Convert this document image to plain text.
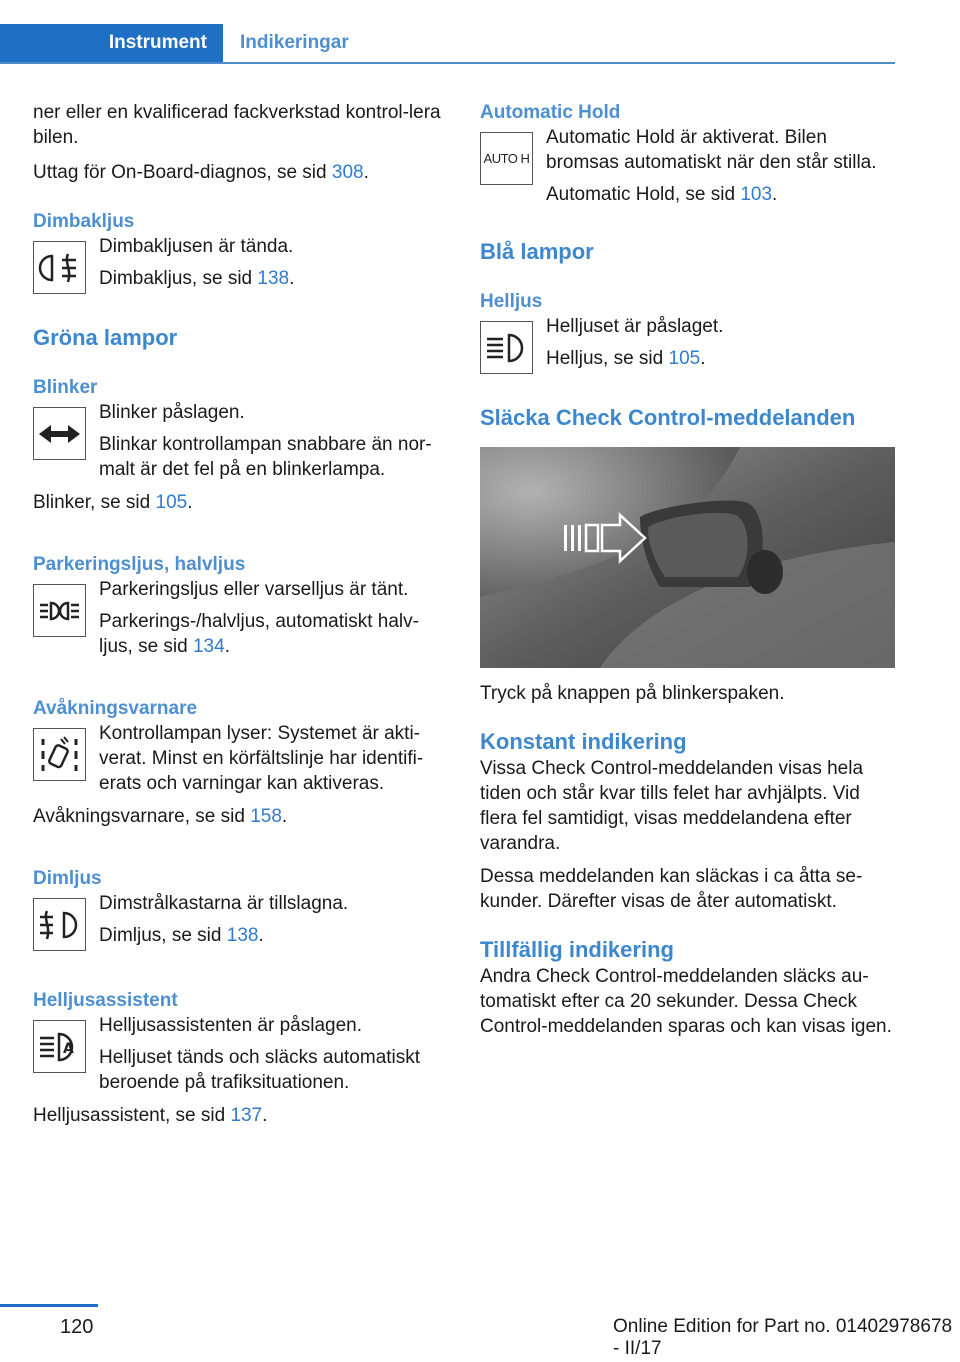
Instrument	Indikeringar

ner eller en kvalificerad fackverkstad kontrol-lera bilen.

Uttag för On-Board-diagnos, se sid 308.

Dimbakljus

Dimbakljusen är tända.

Dimbakljus, se sid 138.

Gröna lampor

Blinker

Blinker påslagen.

Blinkar kontrollampan snabbare än nor-malt är det fel på en blinkerlampa.

Blinker, se sid 105.

Parkeringsljus, halvljus

Parkeringsljus eller varselljus är tänt.

Parkerings-/halvljus, automatiskt halv-ljus, se sid 134.

Avåkningsvarnare

Kontrollampan lyser: Systemet är akti-verat. Minst en körfältslinje har identifi-erats och varningar kan aktiveras.

Avåkningsvarnare, se sid 158.

Dimljus

Dimstrålkastarna är tillslagna.

Dimljus, se sid 138.

Helljusassistent

A

Helljusassistenten är påslagen.

Helljuset tänds och släcks automatiskt beroende på trafiksituationen.

Helljusassistent, se sid 137.

Automatic Hold

AUTO H

Automatic Hold är aktiverat. Bilen bromsas automatiskt när den står stilla.

Automatic Hold, se sid 103.

Blå lampor

Helljus

Helljuset är påslaget.

Helljus, se sid 105.

Släcka Check Control-meddelanden

Tryck på knappen på blinkerspaken.

Konstant indikering

Vissa Check Control-meddelanden visas hela tiden och står kvar tills felet har avhjälpts. Vid flera fel samtidigt, visas meddelandena efter varandra.

Dessa meddelanden kan släckas i ca åtta se-kunder. Därefter visas de åter automatiskt.

Tillfällig indikering

Andra Check Control-meddelanden släcks au-tomatiskt efter ca 20 sekunder. Dessa Check Control-meddelanden sparas och kan visas igen.

120	Online Edition for Part no. 01402978678 - II/17
